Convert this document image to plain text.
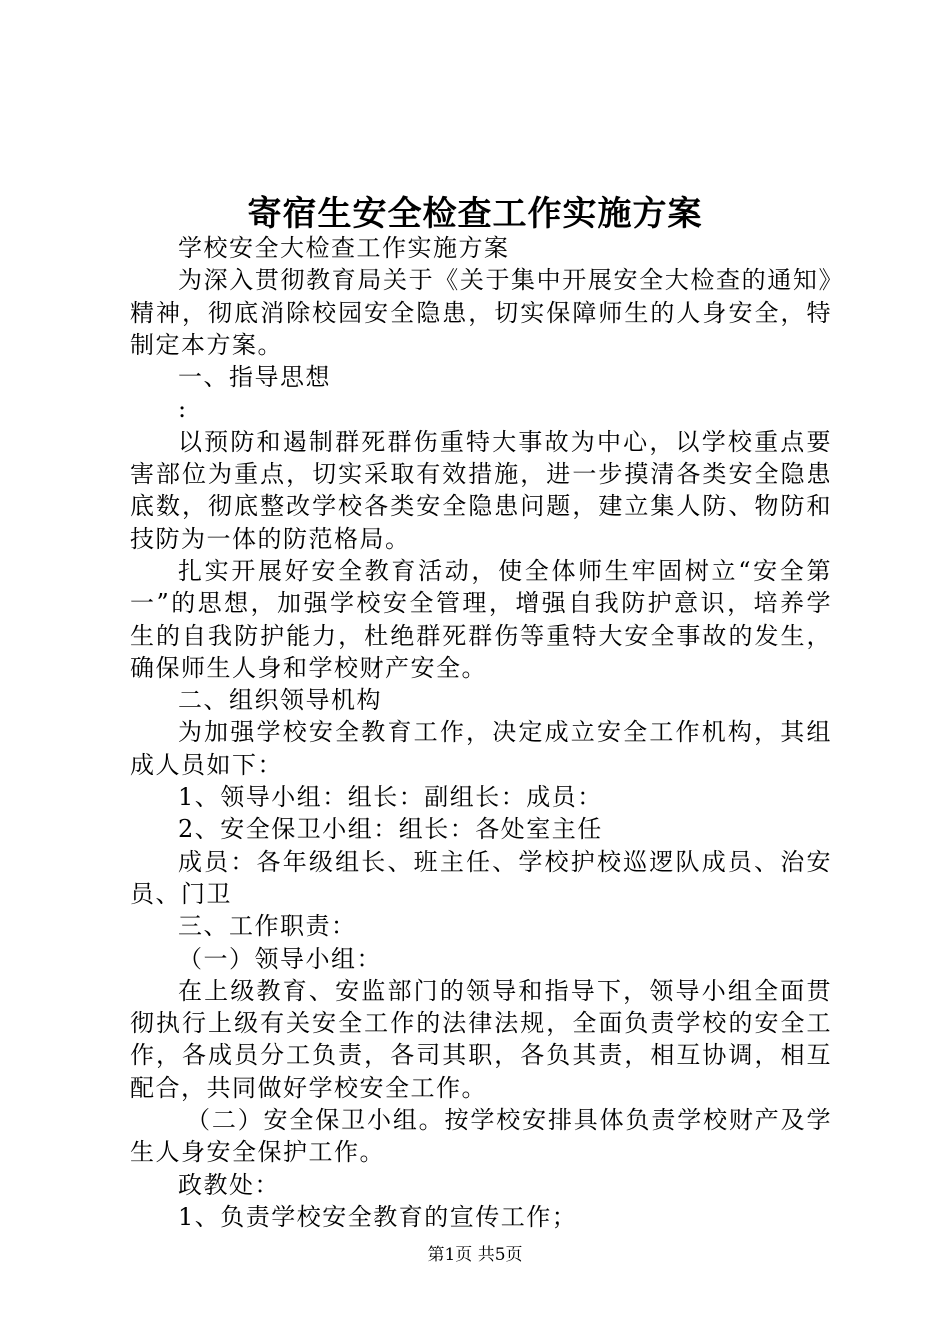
寄宿生安全检查工作实施方案

学校安全大检查工作实施方案

为深入贯彻教育局关于《关于集中开展安全大检查的通知》精神，彻底消除校园安全隐患，切实保障师生的人身安全，特制定本方案。

一、指导思想

:

以预防和遏制群死群伤重特大事故为中心，以学校重点要害部位为重点，切实采取有效措施，进一步摸清各类安全隐患底数，彻底整改学校各类安全隐患问题，建立集人防、物防和技防为一体的防范格局。

扎实开展好安全教育活动，使全体师生牢固树立“安全第一”的思想，加强学校安全管理，增强自我防护意识，培养学生的自我防护能力，杜绝群死群伤等重特大安全事故的发生，确保师生人身和学校财产安全。

二、组织领导机构

为加强学校安全教育工作，决定成立安全工作机构，其组成人员如下：

1、领导小组：组长：副组长：成员：

2、安全保卫小组：组长：各处室主任

成员：各年级组长、班主任、学校护校巡逻队成员、治安员、门卫

三、工作职责：

（一）领导小组：

在上级教育、安监部门的领导和指导下，领导小组全面贯彻执行上级有关安全工作的法律法规，全面负责学校的安全工作，各成员分工负责，各司其职，各负其责，相互协调，相互配合，共同做好学校安全工作。

（二）安全保卫小组。按学校安排具体负责学校财产及学生人身安全保护工作。

政教处：

1、负责学校安全教育的宣传工作；

第1页 共5页
